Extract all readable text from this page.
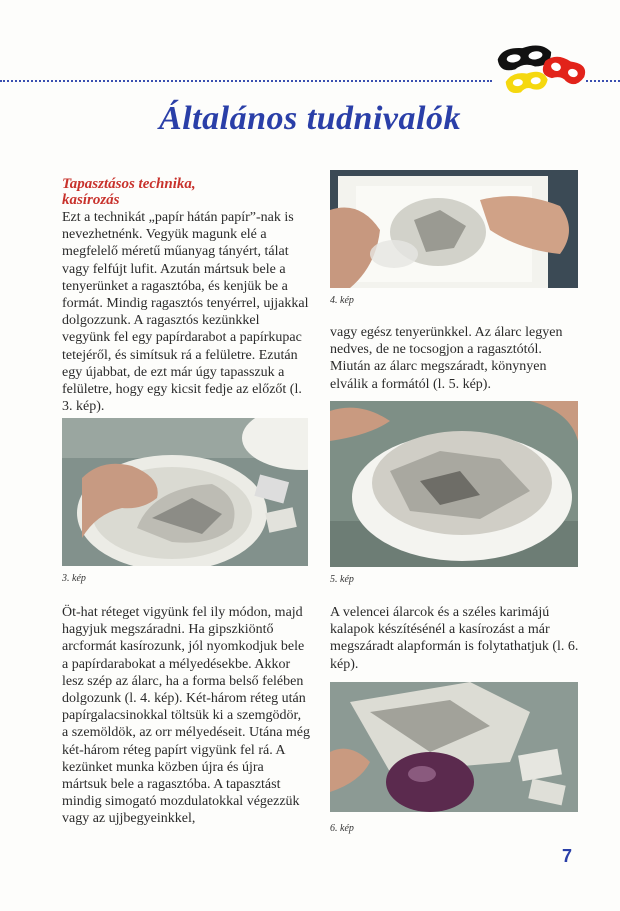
Általános tudnivalók
Tapasztásos technika, kasírozás

Ezt a technikát „papír hátán papír”-nak is nevezhetnénk. Vegyük magunk elé a megfelelő méretű műanyag tányért, tálat vagy felfújt lufit. Azután mártsuk bele a tenyerünket a ragasztóba, és kenjük be a formát. Mindig ragasztós tenyérrel, ujjakkal dolgozzunk. A ragasztós kezünkkel vegyünk fel egy papírdarabot a papírkupac tetejéről, és simítsuk rá a felületre. Ezután egy újabbat, de ezt már úgy tapasszuk a felületre, hogy egy kicsit fedje az előzőt (l. 3. kép).

3. kép

Öt-hat réteget vigyünk fel ily módon, majd hagyjuk megszáradni. Ha gipszkiöntő arcformát kasírozunk, jól nyomkodjuk bele a papírdarabokat a mélyedésekbe. Akkor lesz szép az álarc, ha a forma belső felében dolgozunk (l. 4. kép). Két-három réteg után papírgalacsinokkal töltsük ki a szemgödör, a szemöldök, az orr mélyedéseit. Utána még két-három réteg papírt vigyünk fel rá. A kezünket munka közben újra és újra mártsuk bele a ragasztóba. A tapasztást mindig simogató mozdulatokkal végezzük vagy az ujjbegyeinkkel,

4. kép

vagy egész tenyerünkkel. Az álarc legyen nedves, de ne tocsogjon a ragasztótól. Miután az álarc megszáradt, könynyen elválik a formától (l. 5. kép).

5. kép

A velencei álarcok és a széles karimájú kalapok készítésénél a kasírozást a már megszáradt alapformán is folytathatjuk (l. 6. kép).

6. kép
7
